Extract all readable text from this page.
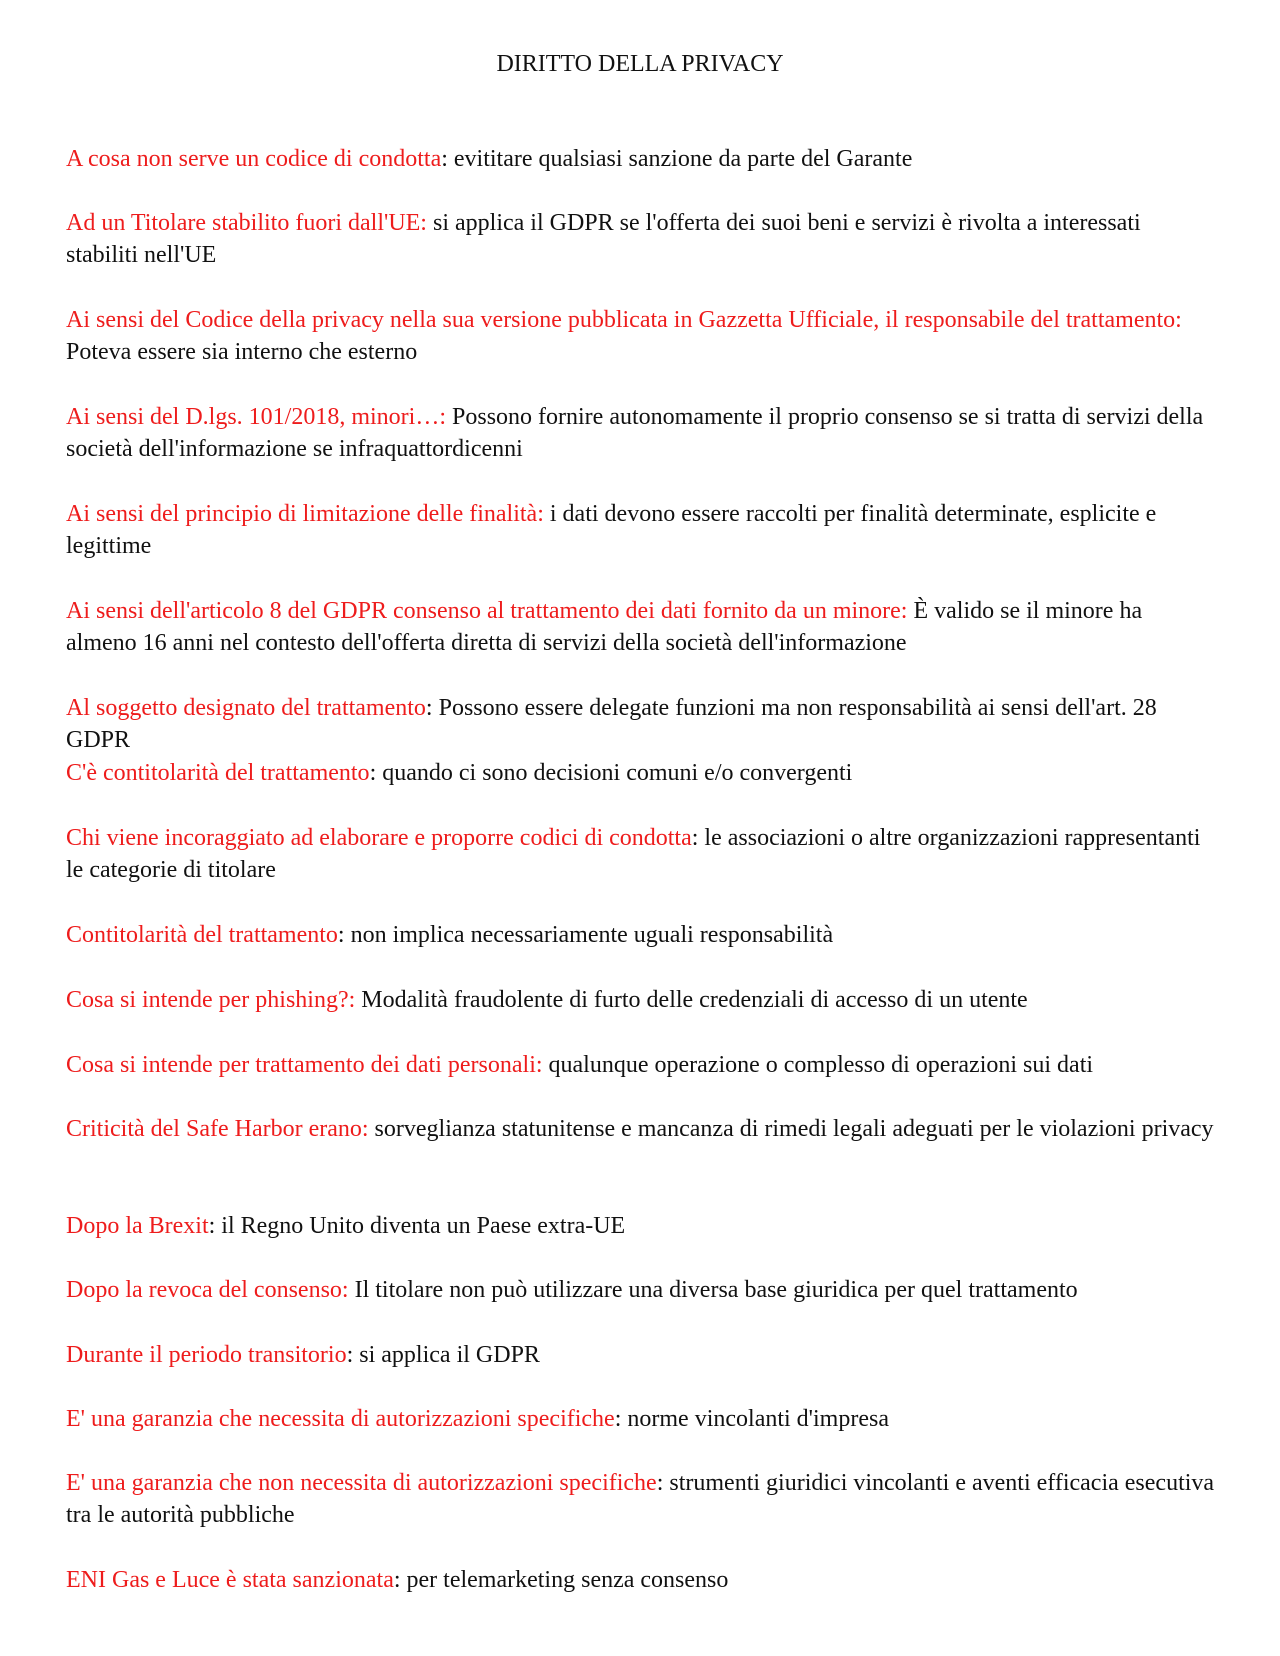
DIRITTO DELLA PRIVACY
A cosa non serve un codice di condotta: evititare qualsiasi sanzione da parte del Garante
Ad un Titolare stabilito fuori dall'UE: si applica il GDPR se l'offerta dei suoi beni e servizi è rivolta a interessati stabiliti nell'UE
Ai sensi del Codice della privacy nella sua versione pubblicata in Gazzetta Ufficiale, il responsabile del trattamento: Poteva essere sia interno che esterno
Ai sensi del D.lgs. 101/2018, minori…: Possono fornire autonomamente il proprio consenso se si tratta di servizi della società dell'informazione se infraquattordicenni
Ai sensi del principio di limitazione delle finalità: i dati devono essere raccolti per finalità determinate, esplicite e legittime
Ai sensi dell'articolo 8 del GDPR consenso al trattamento dei dati fornito da un minore: È valido se il minore ha almeno 16 anni nel contesto dell'offerta diretta di servizi della società dell'informazione
Al soggetto designato del trattamento: Possono essere delegate funzioni ma non responsabilità ai sensi dell'art. 28 GDPR
C'è contitolarità del trattamento: quando ci sono decisioni comuni e/o convergenti
Chi viene incoraggiato ad elaborare e proporre codici di condotta: le associazioni o altre organizzazioni rappresentanti le categorie di titolare
Contitolarità del trattamento: non implica necessariamente uguali responsabilità
Cosa si intende per phishing?: Modalità fraudolente di furto delle credenziali di accesso di un utente
Cosa si intende per trattamento dei dati personali: qualunque operazione o complesso di operazioni sui dati
Criticità del Safe Harbor erano: sorveglianza statunitense e mancanza di rimedi legali adeguati per le violazioni privacy
Dopo la Brexit: il Regno Unito diventa un Paese extra-UE
Dopo la revoca del consenso: Il titolare non può utilizzare una diversa base giuridica per quel trattamento
Durante il periodo transitorio: si applica il GDPR
E' una garanzia che necessita di autorizzazioni specifiche: norme vincolanti d'impresa
E' una garanzia che non necessita di autorizzazioni specifiche: strumenti giuridici vincolanti e aventi efficacia esecutiva tra le autorità pubbliche
ENI Gas e Luce è stata sanzionata: per telemarketing senza consenso
